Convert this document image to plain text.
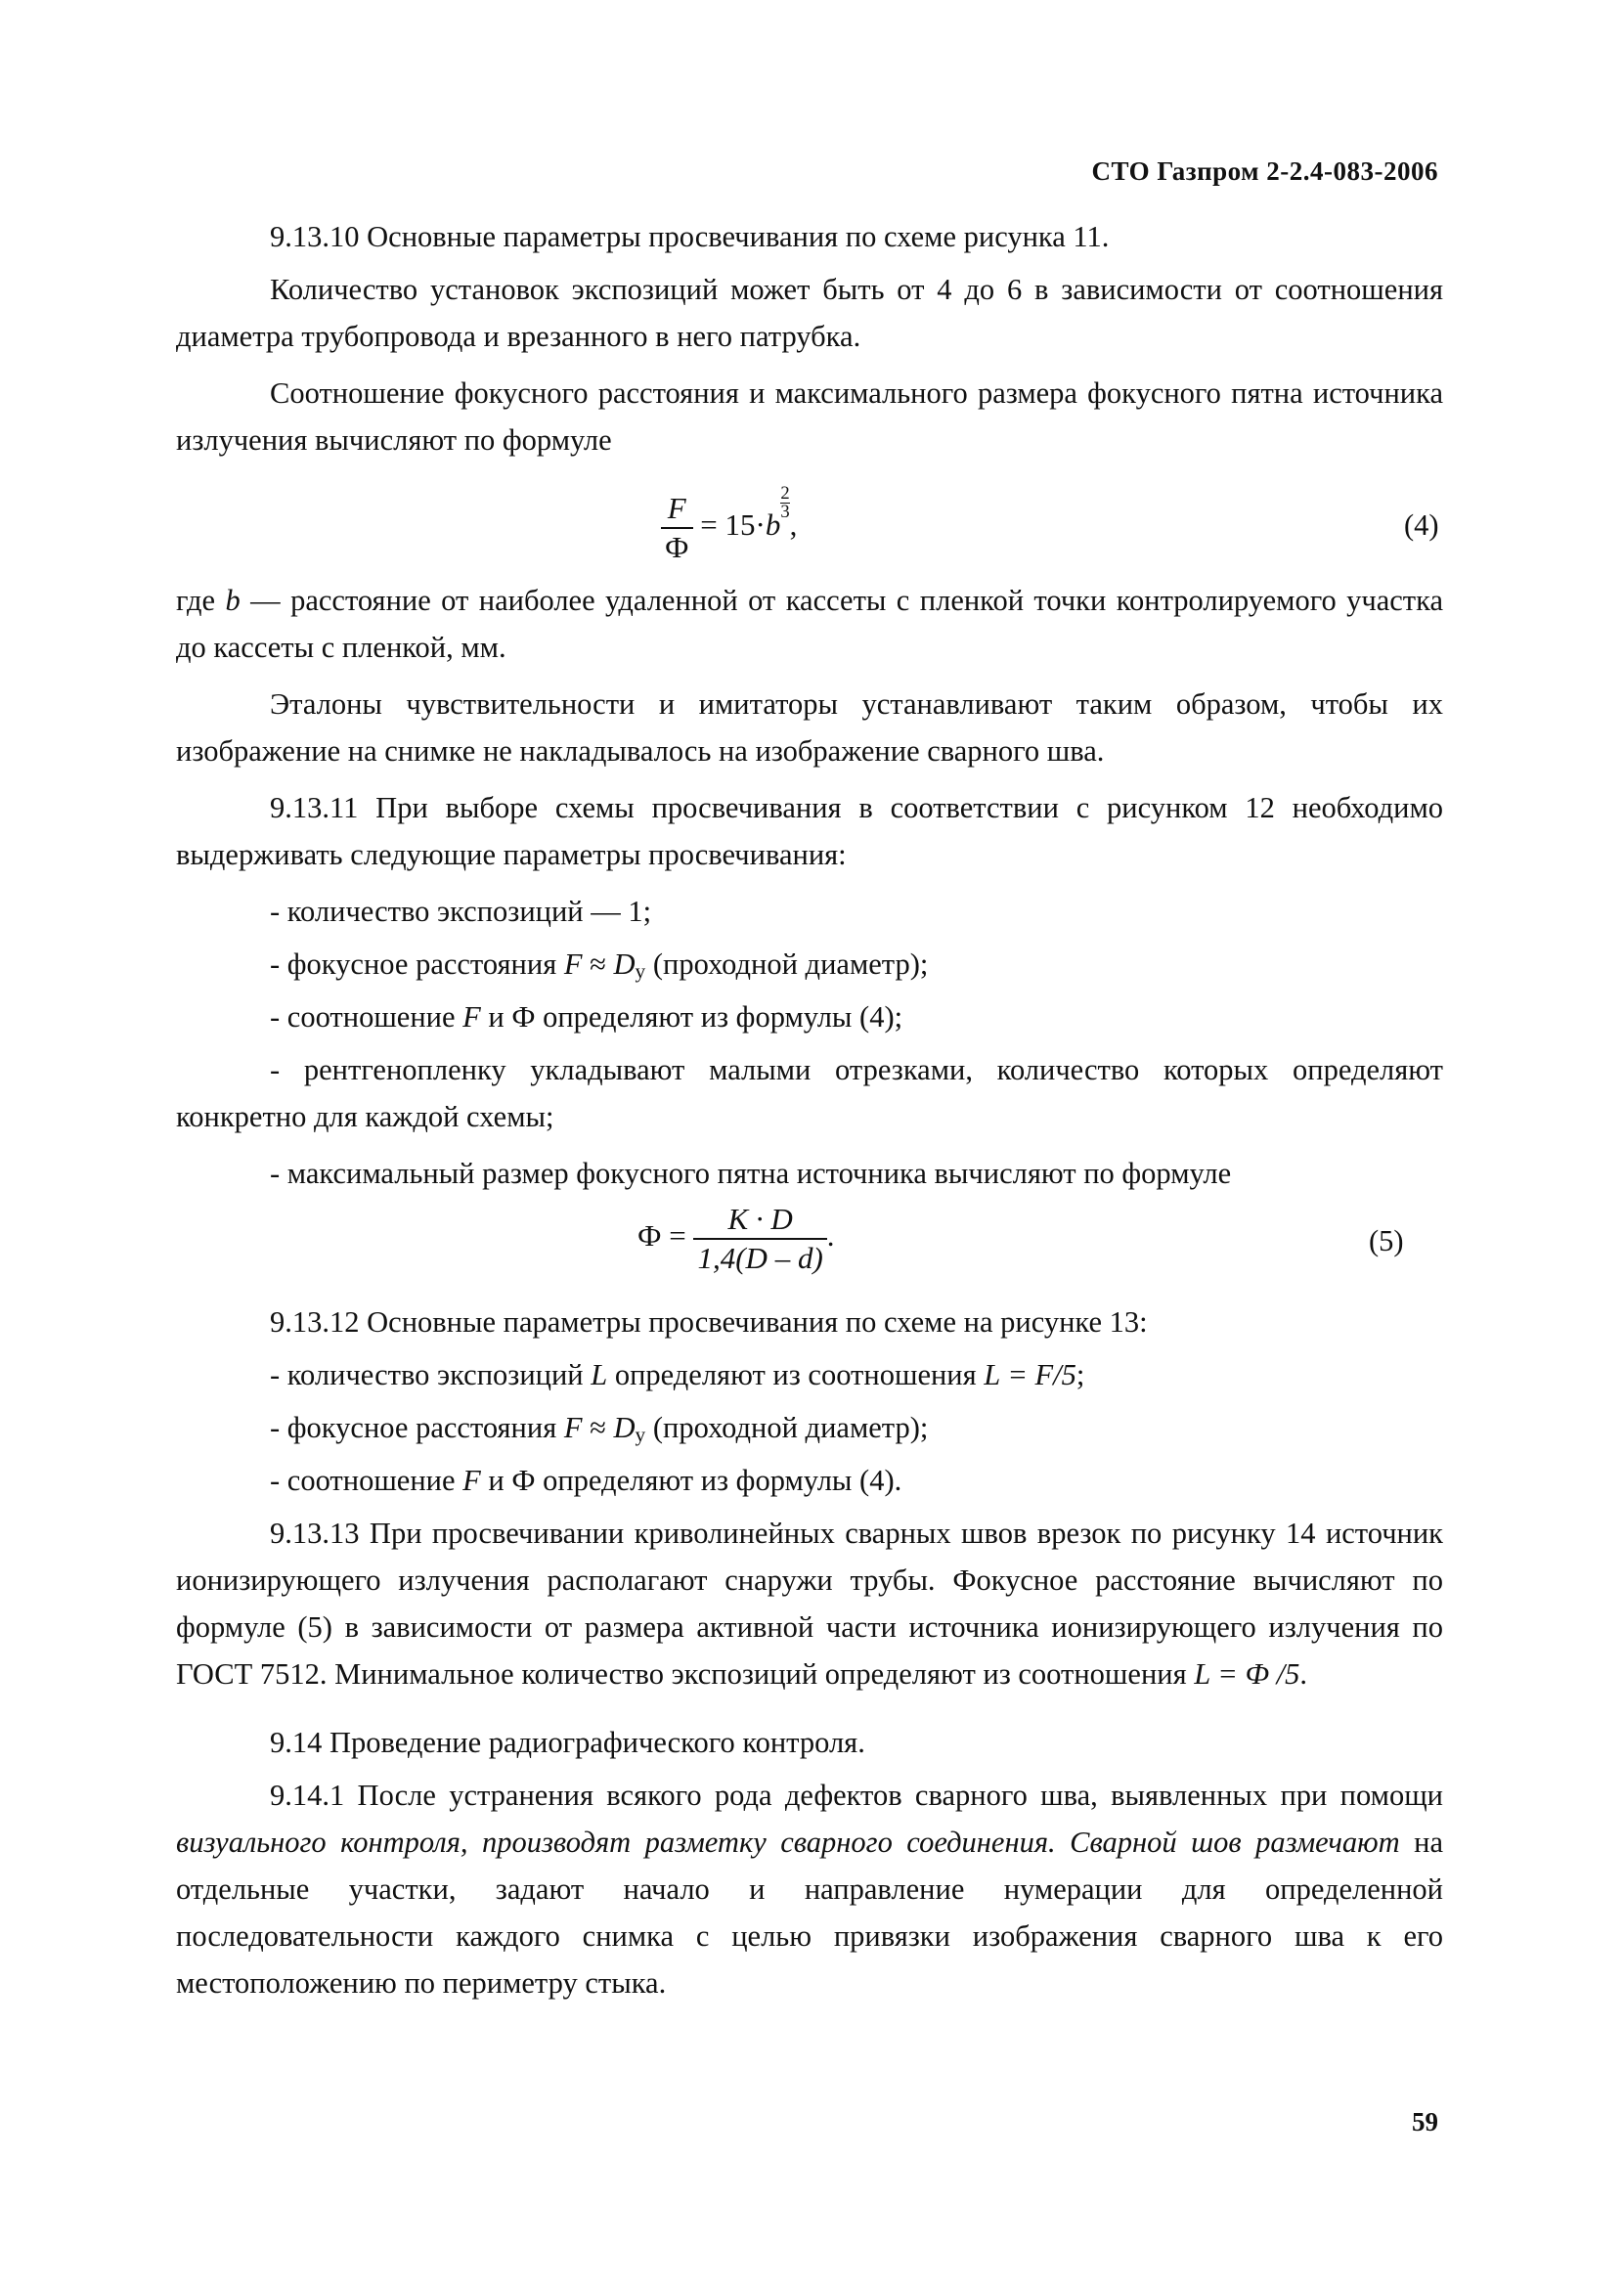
СТО Газпром 2-2.4-083-2006
9.13.10 Основные параметры просвечивания по схеме рисунка 11.
Количество установок экспозиций может быть от 4 до 6 в зависимости от соотношения диаметра трубопровода и врезанного в него патрубка.
Соотношение фокусного расстояния и максимального размера фокусного пятна источника излучения вычисляют по формуле
$\frac{F}{Ф} = 15\cdot b$
$\frac{2}{3}$
,	(4)
где b — расстояние от наиболее удаленной от кассеты с пленкой точки контролируемого участка до кассеты с пленкой, мм.
Эталоны чувствительности и имитаторы устанавливают таким образом, чтобы их изображение на снимке не накладывалось на изображение сварного шва.
9.13.11 При выборе схемы просвечивания в соответствии с рисунком 12 необходимо выдерживать следующие параметры просвечивания:
- количество экспозиций — 1;
- фокусное расстояния $F \approx D_у$ (проходной диаметр);
- соотношение F и Ф определяют из формулы (4);
- рентгенопленку укладывают малыми отрезками, количество которых определяют конкретно для каждой схемы;
- максимальный размер фокусного пятна источника вычисляют по формуле
$Ф = \frac{K \cdot D}{1,4(D - d)}$ .	(5)
9.13.12 Основные параметры просвечивания по схеме на рисунке 13:
- количество экспозиций L определяют из соотношения L = F/5;
- фокусное расстояния $F \approx D_у$ (проходной диаметр);
- соотношение F и Ф определяют из формулы (4).
9.13.13 При просвечивании криволинейных сварных швов врезок по рисунку 14 источник ионизирующего излучения располагают снаружи трубы. Фокусное расстояние вычисляют по формуле (5) в зависимости от размера активной части источника ионизирующего излучения по ГОСТ 7512. Минимальное количество экспозиций определяют из соотношения L = Ф /5.
9.14 Проведение радиографического контроля.
9.14.1 После устранения всякого рода дефектов сварного шва, выявленных при помощи визуального контроля, производят разметку сварного соединения. Сварной шов размечают на отдельные участки, задают начало и направление нумерации для определенной последовательности каждого снимка с целью привязки изображения сварного шва к его местоположению по периметру стыка.
59
